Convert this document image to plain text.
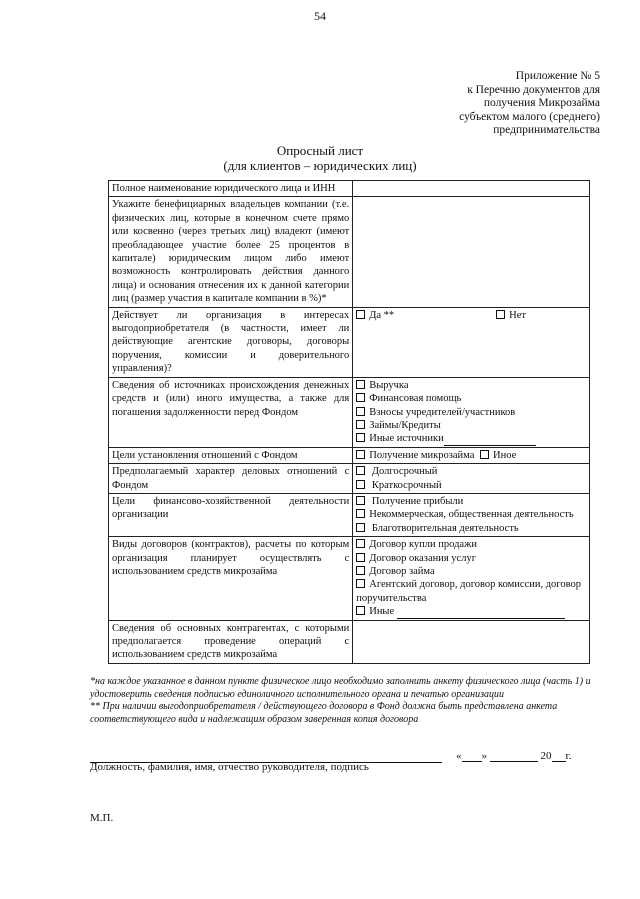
54
Приложение № 5
к Перечню документов для
получения Микрозайма
субъектом малого (среднего)
предпринимательства
Опросный лист
(для клиентов – юридических лиц)
Полное наименование юридического лица и ИНН	
Укажите бенефициарных владельцев компании (т.е. физических лиц, которые в конечном счете прямо или косвенно (через третьих лиц) владеют (имеют преобладающее участие более 25 процентов в капитале) юридическим лицом либо имеют возможность контролировать действия данного лица) и основания отнесения их к данной категории лиц (размер участия в капитале компании в %)*	
Действует ли организация в интересах выгодоприобретателя (в частности, имеет ли действующие агентские договоры, договоры поручения, комиссии и доверительного управления)?	Да ** Нет

Сведения об источниках происхождения денежных средств и (или) иного имущества, а также для погашения задолженности перед Фондом	Выручка
Финансовая помощь
Взносы учредителей/участников
Займы/Кредиты
Иные источники

Цели установления отношений с Фондом	Получение микрозайма Иное
Предполагаемый характер деловых отношений с Фондом	Долгосрочный
Краткосрочный

Цели финансово-хозяйственной деятельности организации	Получение прибыли
Некоммерческая, общественная деятельность
Благотворительная деятельность

Виды договоров (контрактов), расчеты по которым организация планирует осуществлять с использованием средств микрозайма	Договор купли продажи
Договор оказания услуг
Договор займа
Агентский договор, договор комиссии, договор поручительства
Иные

Сведения об основных контрагентах, с которыми предполагается проведение операций с использованием средств микрозайма	
*на каждое указанное в данном пункте физическое лицо необходимо заполнить анкету физического лица (часть 1) и удостоверить сведения подписью единоличного исполнительного органа и печатью организации
** При наличии выгодоприобретателя / действующего договора в Фонд должна быть представлена анкета соответствующего вида и надлежащим образом заверенная копия договора
« »	20 г.
Должность, фамилия, имя, отчество руководителя, подпись
М.П.
